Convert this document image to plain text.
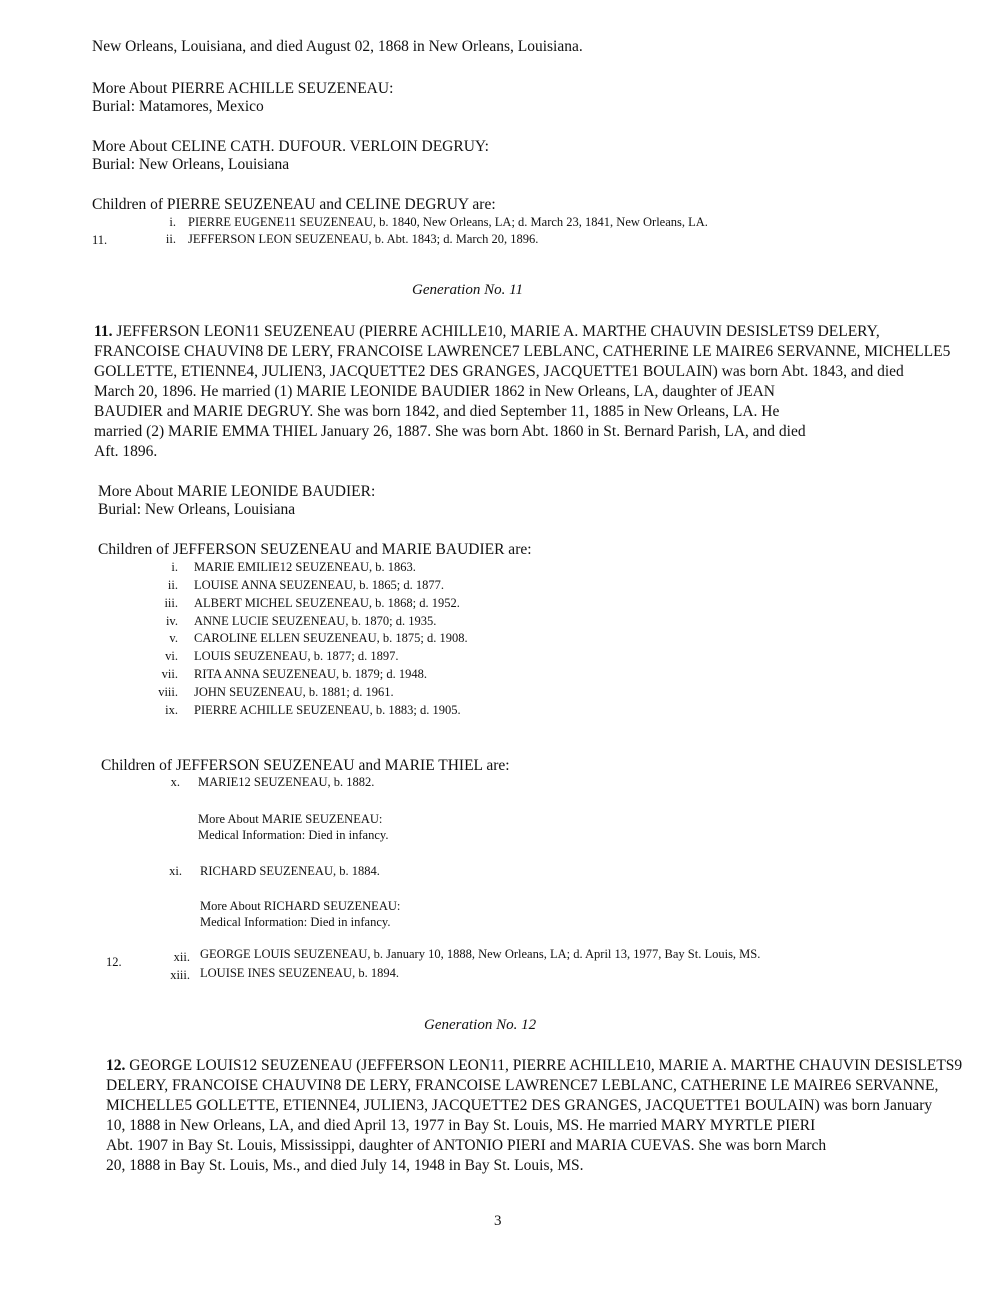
New Orleans, Louisiana, and died August 02, 1868 in New Orleans, Louisiana.
More About PIERRE ACHILLE SEUZENEAU:
Burial: Matamores, Mexico
More About CELINE CATH. DUFOUR. VERLOIN DEGRUY:
Burial: New Orleans, Louisiana
Children of PIERRE SEUZENEAU and CELINE DEGRUY are:
i. PIERRE EUGENE11 SEUZENEAU, b. 1840, New Orleans, LA; d. March 23, 1841, New Orleans, LA.
11.	ii. JEFFERSON LEON SEUZENEAU, b. Abt. 1843; d. March 20, 1896.
Generation No. 11

11. JEFFERSON LEON11 SEUZENEAU (PIERRE ACHILLE10, MARIE A. MARTHE CHAUVIN DESISLETS9 DELERY,

FRANCOISE CHAUVIN8 DE LERY, FRANCOISE LAWRENCE7 LEBLANC, CATHERINE LE MAIRE6 SERVANNE, MICHELLE5

GOLLETTE, ETIENNE4, JULIEN3, JACQUETTE2 DES GRANGES, JACQUETTE1 BOULAIN) was born Abt. 1843, and died

March 20, 1896. He married (1) MARIE LEONIDE BAUDIER 1862 in New Orleans, LA, daughter of JEAN

BAUDIER and MARIE DEGRUY. She was born 1842, and died September 11, 1885 in New Orleans, LA. He

married (2) MARIE EMMA THIEL January 26, 1887. She was born Abt. 1860 in St. Bernard Parish, LA, and died

Aft. 1896.

More About MARIE LEONIDE BAUDIER:
Burial: New Orleans, Louisiana
Children of JEFFERSON SEUZENEAU and MARIE BAUDIER are:
i. MARIE EMILIE12 SEUZENEAU, b. 1863.
ii. LOUISE ANNA SEUZENEAU, b. 1865; d. 1877.
iii. ALBERT MICHEL SEUZENEAU, b. 1868; d. 1952.
iv. ANNE LUCIE SEUZENEAU, b. 1870; d. 1935.
v. CAROLINE ELLEN SEUZENEAU, b. 1875; d. 1908.
vi. LOUIS SEUZENEAU, b. 1877; d. 1897.
vii. RITA ANNA SEUZENEAU, b. 1879; d. 1948.
viii. JOHN SEUZENEAU, b. 1881; d. 1961.
ix. PIERRE ACHILLE SEUZENEAU, b. 1883; d. 1905.
Children of JEFFERSON SEUZENEAU and MARIE THIEL are:
x. MARIE12 SEUZENEAU, b. 1882.
More About MARIE SEUZENEAU:
Medical Information: Died in infancy.
xi. RICHARD SEUZENEAU, b. 1884.
More About RICHARD SEUZENEAU:
Medical Information: Died in infancy.
12.	xii. GEORGE LOUIS SEUZENEAU, b. January 10, 1888, New Orleans, LA; d. April 13, 1977, Bay St. Louis, MS.
xiii. LOUISE INES SEUZENEAU, b. 1894.
Generation No. 12

12. GEORGE LOUIS12 SEUZENEAU (JEFFERSON LEON11, PIERRE ACHILLE10, MARIE A. MARTHE CHAUVIN DESISLETS9

DELERY, FRANCOISE CHAUVIN8 DE LERY, FRANCOISE LAWRENCE7 LEBLANC, CATHERINE LE MAIRE6 SERVANNE,

MICHELLE5 GOLLETTE, ETIENNE4, JULIEN3, JACQUETTE2 DES GRANGES, JACQUETTE1 BOULAIN) was born January

10, 1888 in New Orleans, LA, and died April 13, 1977 in Bay St. Louis, MS. He married MARY MYRTLE PIERI

Abt. 1907 in Bay St. Louis, Mississippi, daughter of ANTONIO PIERI and MARIA CUEVAS. She was born March

20, 1888 in Bay St. Louis, Ms., and died July 14, 1948 in Bay St. Louis, MS.

3
